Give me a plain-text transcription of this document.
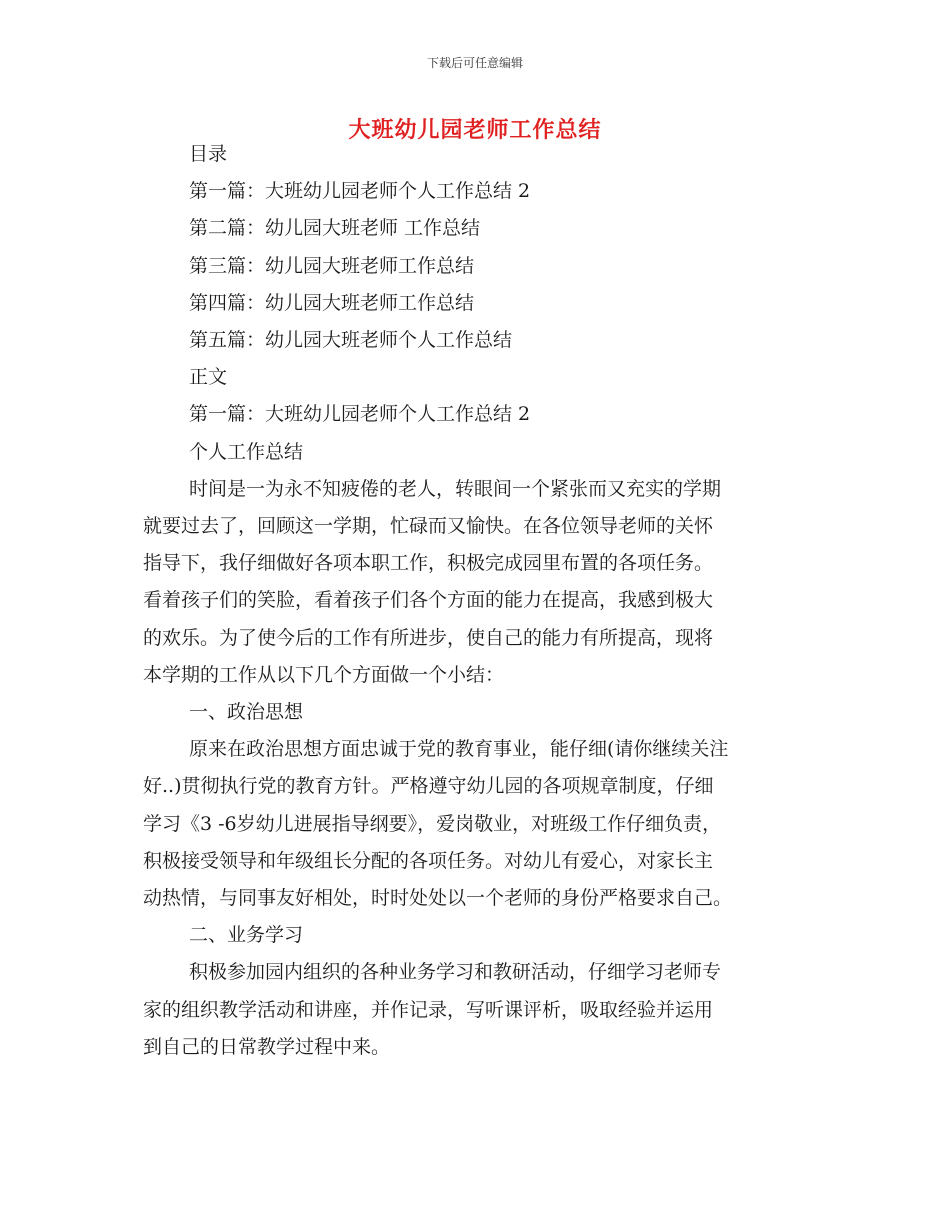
下载后可任意编辑
大班幼儿园老师工作总结

目录

第一篇：大班幼儿园老师个人工作总结 2

第二篇：幼儿园大班老师 工作总结

第三篇：幼儿园大班老师工作总结

第四篇：幼儿园大班老师工作总结

第五篇：幼儿园大班老师个人工作总结

正文

第一篇：大班幼儿园老师个人工作总结 2

个人工作总结

时间是一为永不知疲倦的老人，转眼间一个紧张而又充实的学期

就要过去了，回顾这一学期，忙碌而又愉快。在各位领导老师的关怀

指导下，我仔细做好各项本职工作，积极完成园里布置的各项任务。

看着孩子们的笑脸，看着孩子们各个方面的能力在提高，我感到极大

的欢乐。为了使今后的工作有所进步，使自己的能力有所提高，现将

本学期的工作从以下几个方面做一个小结：

一、政治思想

原来在政治思想方面忠诚于党的教育事业，能仔细(请你继续关注

好..)贯彻执行党的教育方针。严格遵守幼儿园的各项规章制度，仔细

学习《3 -6岁幼儿进展指导纲要》，爱岗敬业，对班级工作仔细负责，

积极接受领导和年级组长分配的各项任务。对幼儿有爱心，对家长主

动热情，与同事友好相处，时时处处以一个老师的身份严格要求自己。

二、业务学习

积极参加园内组织的各种业务学习和教研活动，仔细学习老师专

家的组织教学活动和讲座，并作记录，写听课评析，吸取经验并运用

到自己的日常教学过程中来。
